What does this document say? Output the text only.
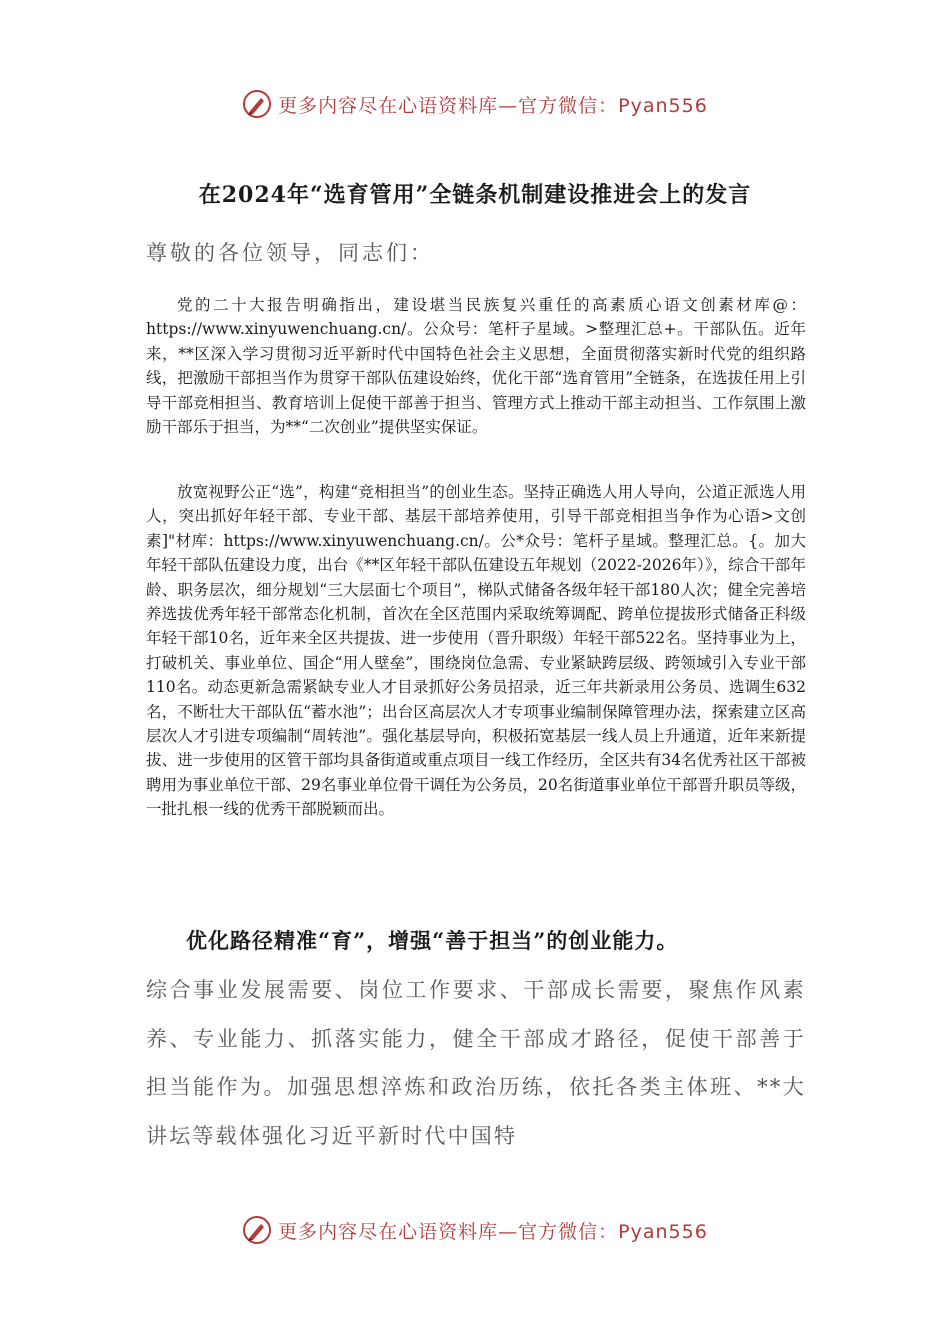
更多内容尽在心语资料库—官方微信：Pyan556
在2024年“选育管用”全链条机制建设推进会上的发言
尊敬的各位领导，同志们：
党的二十大报告明确指出，建设堪当民族复兴重任的高素质心语文创素材库@：https://www.xinyuwenchuang.cn/。公众号：笔杆子星域。>整理汇总+。干部队伍。近年来，**区深入学习贯彻习近平新时代中国特色社会主义思想，全面贯彻落实新时代党的组织路线，把激励干部担当作为贯穿干部队伍建设始终，优化干部“选育管用”全链条，在选拔任用上引导干部竞相担当、教育培训上促使干部善于担当、管理方式上推动干部主动担当、工作氛围上激励干部乐于担当，为**“二次创业”提供坚实保证。
放宽视野公正“选”，构建“竞相担当”的创业生态。坚持正确选人用人导向，公道正派选人用人，突出抓好年轻干部、专业干部、基层干部培养使用，引导干部竞相担当争作为心语>文创素]"材库：https://www.xinyuwenchuang.cn/。公*众号：笔杆子星域。整理汇总。{。加大年轻干部队伍建设力度，出台《**区年轻干部队伍建设五年规划（2022-2026年）》，综合干部年龄、职务层次，细分规划“三大层面七个项目”，梯队式储备各级年轻干部180人次；健全完善培养选拔优秀年轻干部常态化机制，首次在全区范围内采取统筹调配、跨单位提拔形式储备正科级年轻干部10名，近年来全区共提拔、进一步使用（晋升职级）年轻干部522名。坚持事业为上，打破机关、事业单位、国企“用人壁垒”，围绕岗位急需、专业紧缺跨层级、跨领域引入专业干部110名。动态更新急需紧缺专业人才目录抓好公务员招录，近三年共新录用公务员、选调生632名，不断壮大干部队伍“蓄水池”；出台区高层次人才专项事业编制保障管理办法，探索建立区高层次人才引进专项编制“周转池”。强化基层导向，积极拓宽基层一线人员上升通道，近年来新提拔、进一步使用的区管干部均具备街道或重点项目一线工作经历，全区共有34名优秀社区干部被聘用为事业单位干部、29名事业单位骨干调任为公务员，20名街道事业单位干部晋升职员等级，一批扎根一线的优秀干部脱颖而出。
优化路径精准“育”，增强“善于担当”的创业能力。
综合事业发展需要、岗位工作要求、干部成长需要，聚焦作风素养、专业能力、抓落实能力，健全干部成才路径，促使干部善于担当能作为。加强思想淬炼和政治历练，依托各类主体班、**大讲坛等载体强化习近平新时代中国特
更多内容尽在心语资料库—官方微信：Pyan556
